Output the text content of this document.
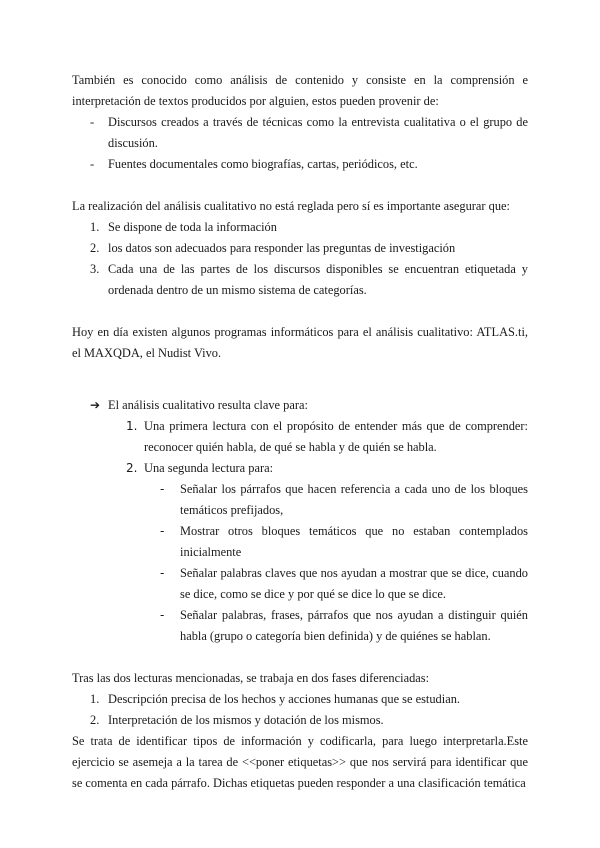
También es conocido como análisis de contenido y consiste en la comprensión e interpretación de textos producidos por alguien, estos pueden provenir de:

- Discursos creados a través de técnicas como la entrevista cualitativa o el grupo de discusión.
- Fuentes documentales como biografías, cartas, periódicos, etc.

La realización del análisis cualitativo no está reglada pero sí es importante asegurar que:

1. Se dispone de toda la información
2. los datos son adecuados para responder las preguntas de investigación
3. Cada una de las partes de los discursos disponibles se encuentran etiquetada y ordenada dentro de un mismo sistema de categorías.

Hoy en día existen algunos programas informáticos para el análisis cualitativo: ATLAS.ti, el MAXQDA, el Nudist Vivo.

➔ El análisis cualitativo resulta clave para:
1. Una primera lectura con el propósito de entender más que de comprender: reconocer quién habla, de qué se habla y de quién se habla.
2. Una segunda lectura para:
- Señalar los párrafos que hacen referencia a cada uno de los bloques temáticos prefijados,
- Mostrar otros bloques temáticos que no estaban contemplados inicialmente
- Señalar palabras claves que nos ayudan a mostrar que se dice, cuando se dice, como se dice y por qué se dice lo que se dice.
- Señalar palabras, frases, párrafos que nos ayudan a distinguir quién habla (grupo o categoría bien definida) y de quiénes se hablan.

Tras las dos lecturas mencionadas, se trabaja en dos fases diferenciadas:

1. Descripción precisa de los hechos y acciones humanas que se estudian.
2. Interpretación de los mismos y dotación de los mismos.

Se trata de identificar tipos de información y codificarla, para luego interpretarla.Este ejercicio se asemeja a la tarea de <<poner etiquetas>> que nos servirá para identificar que se comenta en cada párrafo. Dichas etiquetas pueden responder a una clasificación temática
